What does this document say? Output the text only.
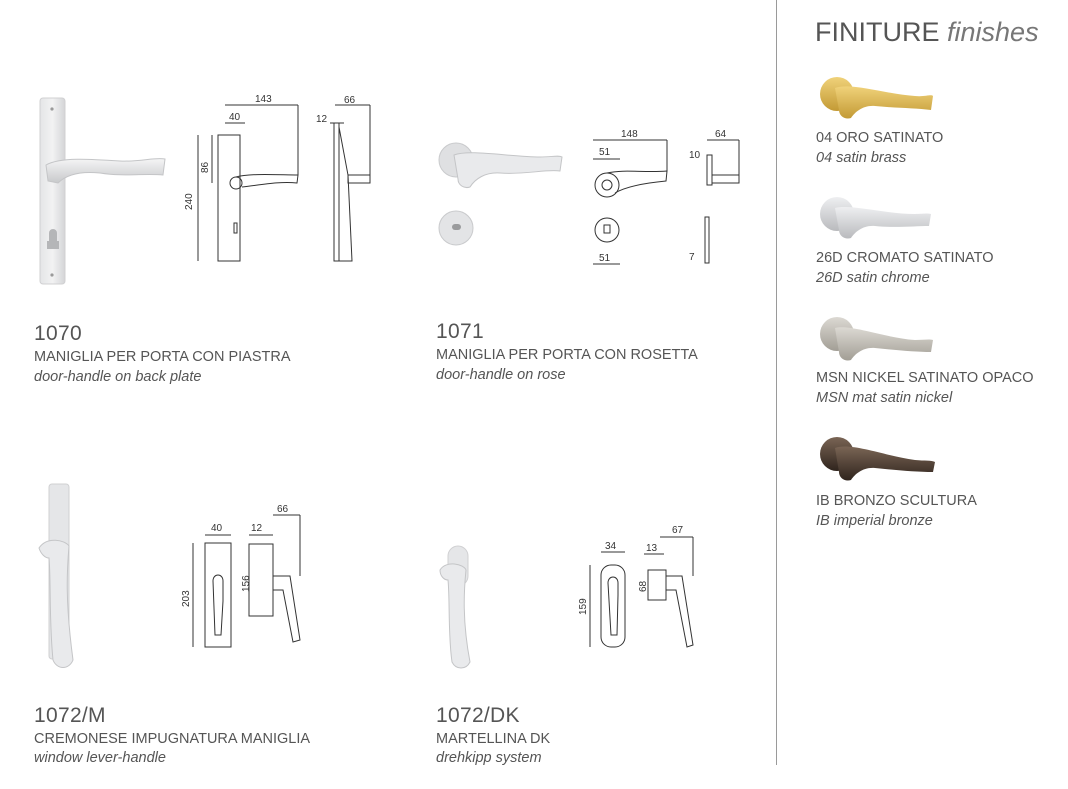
143
40
86
240
66
12
1070
MANIGLIA PER PORTA CON PIASTRA
door-handle on back plate
148
51
51
64
10
7
1071
MANIGLIA PER PORTA CON ROSETTA
door-handle on rose
40
203
66
12
156
1072/M
CREMONESE IMPUGNATURA MANIGLIA
window lever-handle
34
159
67
13
68
1072/DK
MARTELLINA DK
drehkipp system
FINITURE finishes
04 ORO SATINATO
04 satin brass
26D CROMATO SATINATO
26D satin chrome
MSN NICKEL SATINATO OPACO
MSN mat satin nickel
IB BRONZO SCULTURA
IB imperial bronze
